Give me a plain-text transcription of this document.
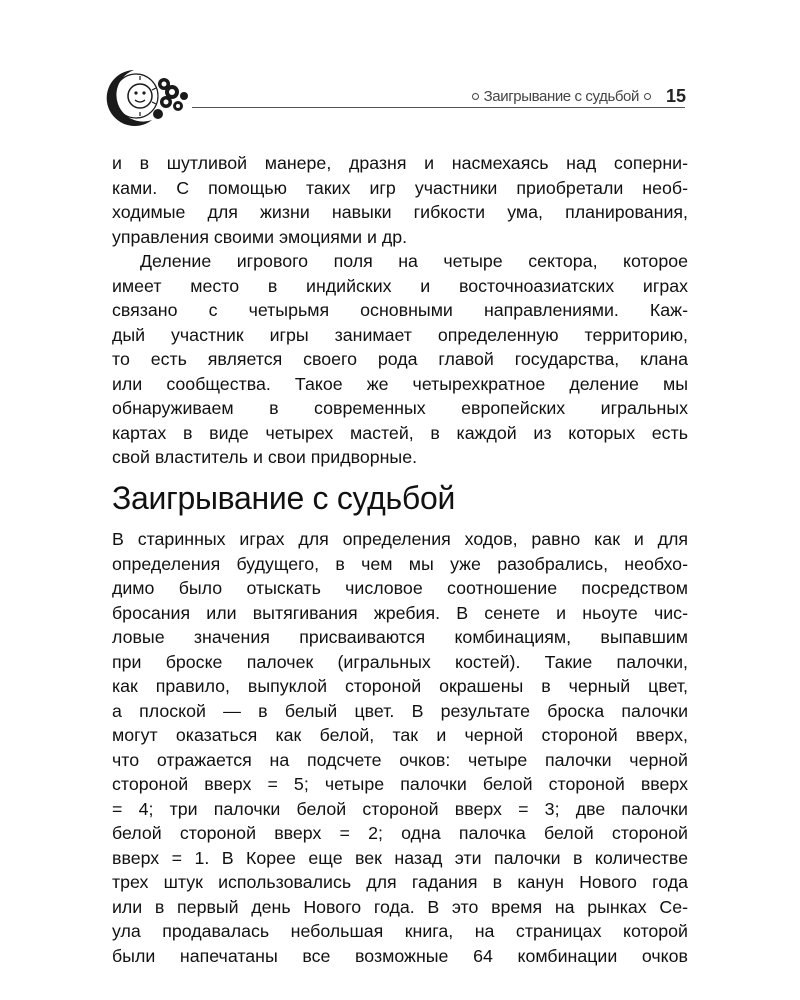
Заигрывание с судьбой 15
и в шутливой манере, дразня и насмехаясь над соперни-
ками. С помощью таких игр участники приобретали необ-
ходимые для жизни навыки гибкости ума, планирования,
управления своими эмоциями и др.
Деление игрового поля на четыре сектора, которое
имеет место в индийских и восточноазиатских играх
связано с четырьмя основными направлениями. Каж-
дый участник игры занимает определенную территорию,
то есть является своего рода главой государства, клана
или сообщества. Такое же четырехкратное деление мы
обнаруживаем в современных европейских игральных
картах в виде четырех мастей, в каждой из которых есть
свой властитель и свои придворные.
Заигрывание с судьбой
В старинных играх для определения ходов, равно как и для
определения будущего, в чем мы уже разобрались, необхо-
димо было отыскать числовое соотношение посредством
бросания или вытягивания жребия. В сенете и ньоуте чис-
ловые значения присваиваются комбинациям, выпавшим
при броске палочек (игральных костей). Такие палочки,
как правило, выпуклой стороной окрашены в черный цвет,
а плоской — в белый цвет. В результате броска палочки
могут оказаться как белой, так и черной стороной вверх,
что отражается на подсчете очков: четыре палочки черной
стороной вверх = 5; четыре палочки белой стороной вверх
= 4; три палочки белой стороной вверх = 3; две палочки
белой стороной вверх = 2; одна палочка белой стороной
вверх = 1. В Корее еще век назад эти палочки в количестве
трех штук использовались для гадания в канун Нового года
или в первый день Нового года. В это время на рынках Се-
ула продавалась небольшая книга, на страницах которой
были напечатаны все возможные 64 комбинации очков
